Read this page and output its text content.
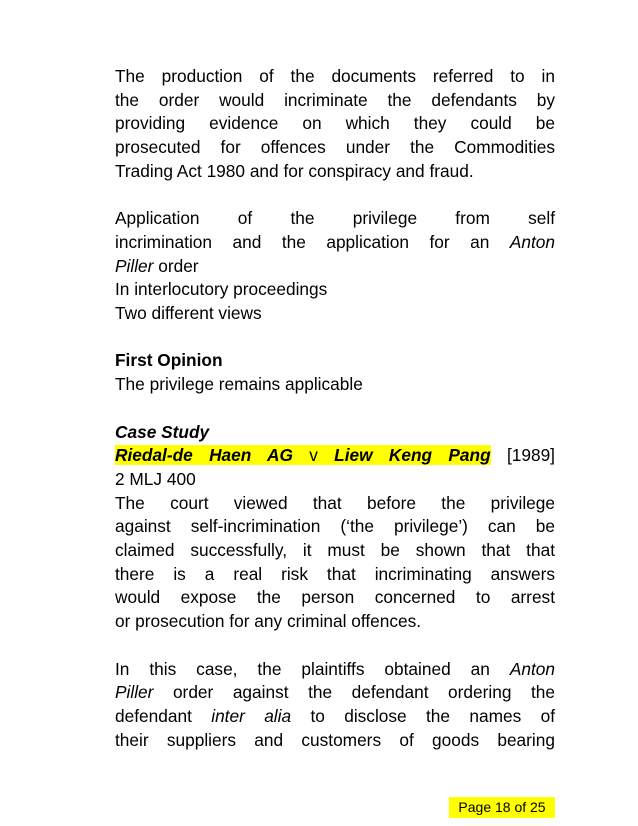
The production of the documents referred to in

the order would incriminate the defendants by

providing evidence on which they could be

prosecuted for offences under the Commodities

Trading Act 1980 and for conspiracy and fraud.

Application of the privilege from self

incrimination and the application for an Anton

Piller order

In interlocutory proceedings

Two different views

First Opinion

The privilege remains applicable

Case Study

Riedal-de Haen AG v Liew Keng Pang [1989]

2 MLJ 400

The court viewed that before the privilege

against self-incrimination (‘the privilege’) can be

claimed successfully, it must be shown that that

there is a real risk that incriminating answers

would expose the person concerned to arrest

or prosecution for any criminal offences.

In this case, the plaintiffs obtained an Anton

Piller order against the defendant ordering the

defendant inter alia to disclose the names of

their suppliers and customers of goods bearing

Page 18 of 25
